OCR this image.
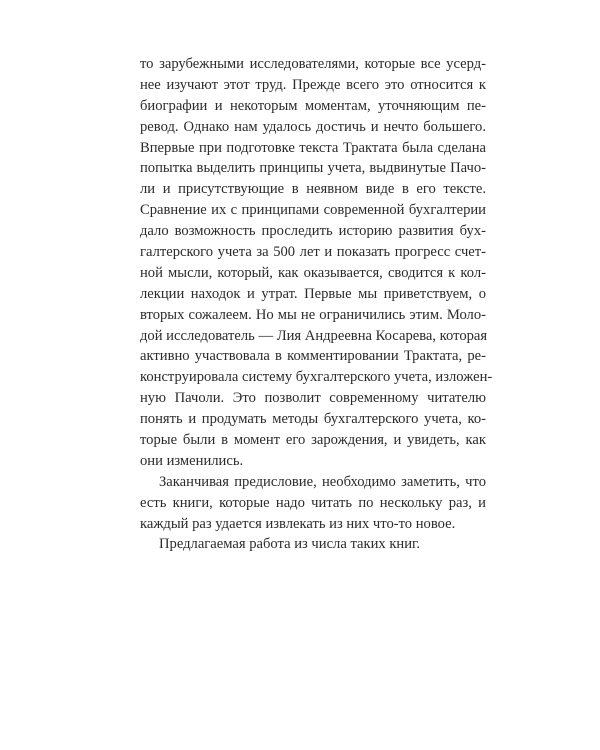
то зарубежными исследователями, которые все усерд-
нее изучают этот труд. Прежде всего это относится к
биографии и некоторым моментам, уточняющим пе-
ревод. Однако нам удалось достичь и нечто большего.
Впервые при подготовке текста Трактата была сделана
попытка выделить принципы учета, выдвинутые Пачо-
ли и присутствующие в неявном виде в его тексте.
Сравнение их с принципами современной бухгалтерии
дало возможность проследить историю развития бух-
галтерского учета за 500 лет и показать прогресс счет-
ной мысли, который, как оказывается, сводится к кол-
лекции находок и утрат. Первые мы приветствуем, о
вторых сожалеем. Но мы не ограничились этим. Моло-
дой исследователь — Лия Андреевна Косарева, которая
активно участвовала в комментировании Трактата, ре-
конструировала систему бухгалтерского учета, изложен-
ную Пачоли. Это позволит современному читателю
понять и продумать методы бухгалтерского учета, ко-
торые были в момент его зарождения, и увидеть, как
они изменились.
Заканчивая предисловие, необходимо заметить, что
есть книги, которые надо читать по нескольку раз, и
каждый раз удается извлекать из них что-то новое.
Предлагаемая работа из числа таких книг.
